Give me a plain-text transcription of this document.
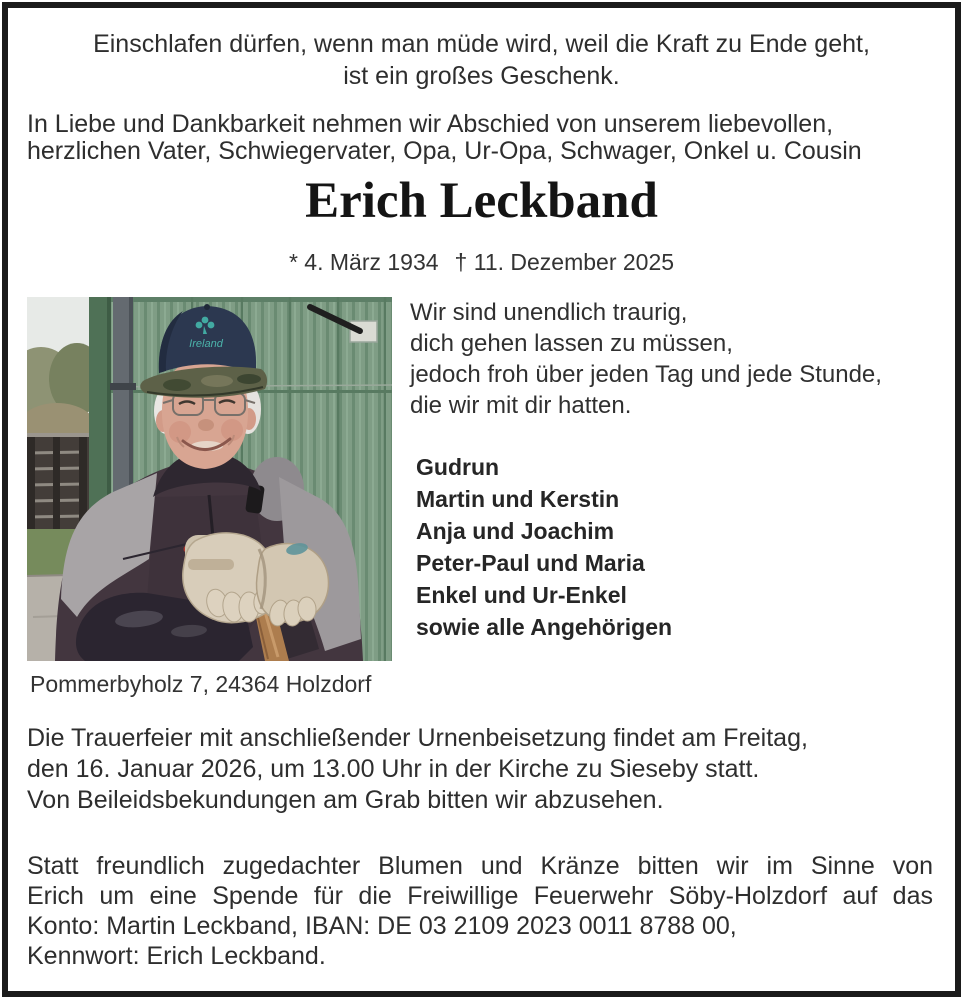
Einschlafen dürfen, wenn man müde wird, weil die Kraft zu Ende geht,
ist ein großes Geschenk.
In Liebe und Dankbarkeit nehmen wir Abschied von unserem liebevollen,
herzlichen Vater, Schwiegervater, Opa, Ur-Opa, Schwager, Onkel u. Cousin
Erich Leckband
* 4. März 1934 † 11. Dezember 2025
Ireland
Wir sind unendlich traurig,
dich gehen lassen zu müssen,
jedoch froh über jeden Tag und jede Stunde,
die wir mit dir hatten.
Gudrun
Martin und Kerstin
Anja und Joachim
Peter-Paul und Maria
Enkel und Ur-Enkel
sowie alle Angehörigen
Pommerbyholz 7, 24364 Holzdorf
Die Trauerfeier mit anschließender Urnenbeisetzung findet am Freitag,
den 16. Januar 2026, um 13.00 Uhr in der Kirche zu Sieseby statt.
Von Beileidsbekundungen am Grab bitten wir abzusehen.
Statt freundlich zugedachter Blumen und Kränze bitten wir im Sinne von
Erich um eine Spende für die Freiwillige Feuerwehr Söby-Holzdorf auf das
Konto: Martin Leckband, IBAN: DE 03 2109 2023 0011 8788 00,
Kennwort: Erich Leckband.
